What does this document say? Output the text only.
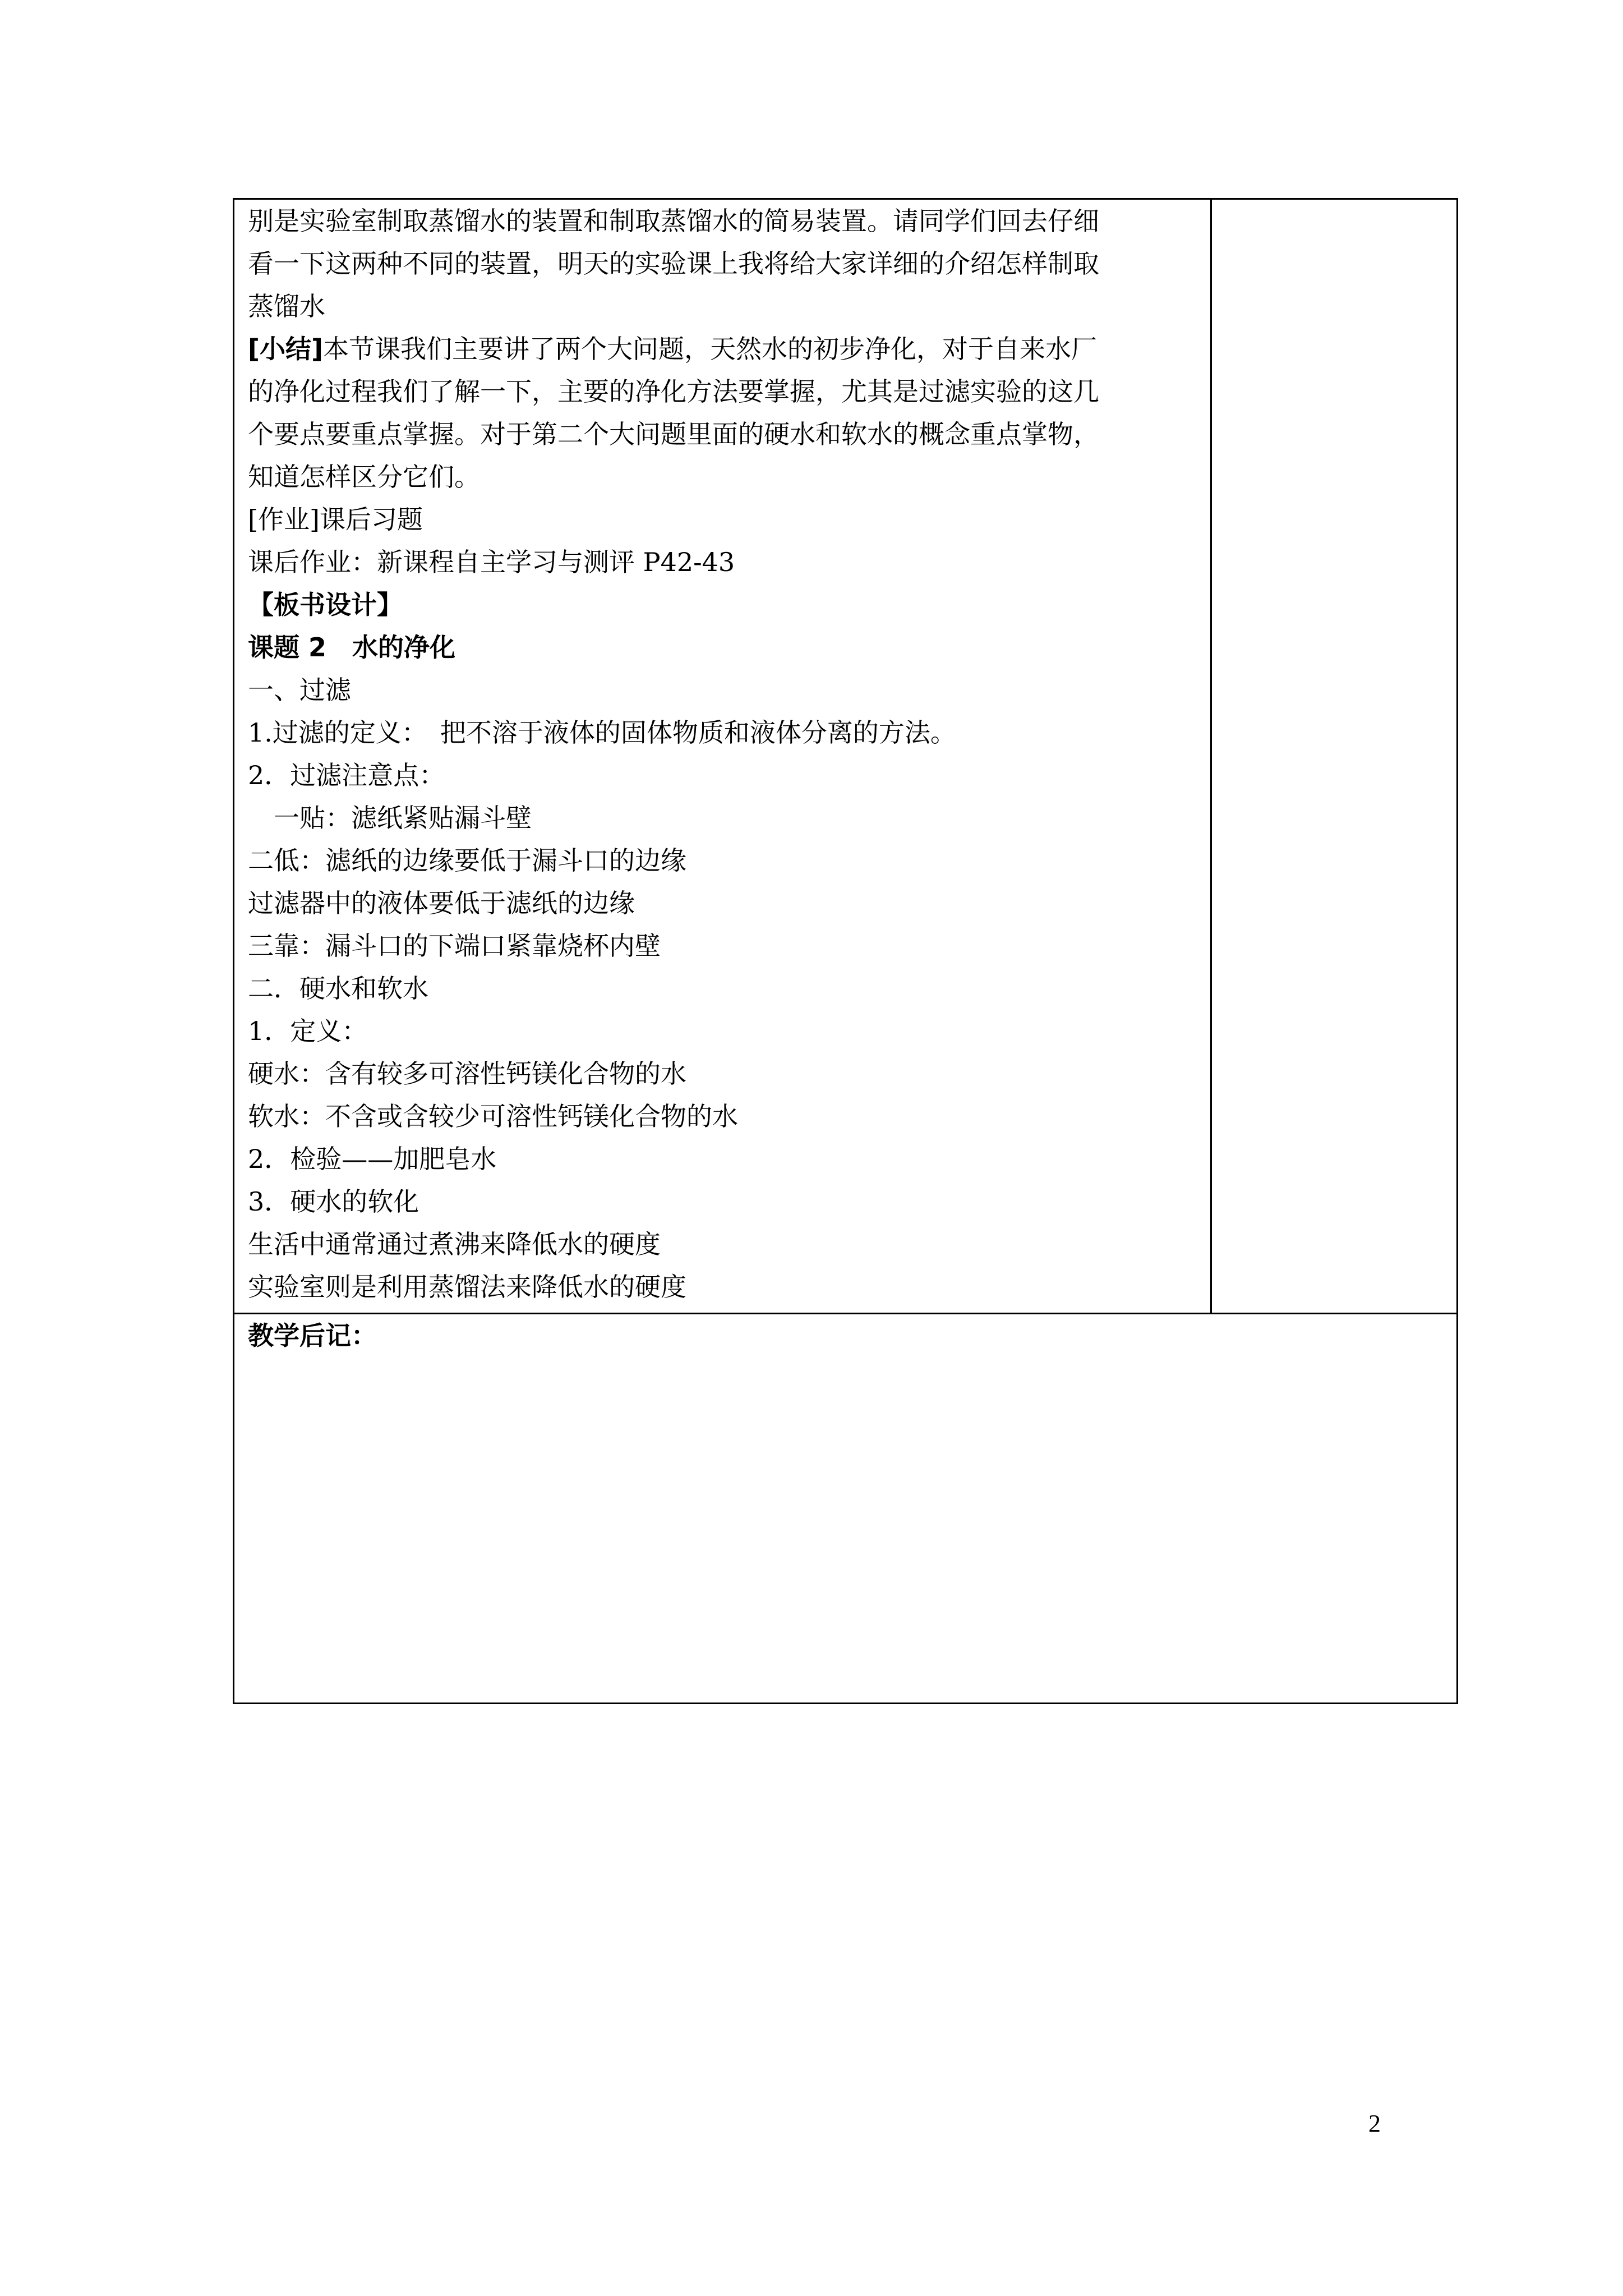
别是实验室制取蒸馏水的装置和制取蒸馏水的简易装置。请同学们回去仔细
看一下这两种不同的装置，明天的实验课上我将给大家详细的介绍怎样制取
蒸馏水
[小结]本节课我们主要讲了两个大问题，天然水的初步净化，对于自来水厂
的净化过程我们了解一下，主要的净化方法要掌握，尤其是过滤实验的这几
个要点要重点掌握。对于第二个大问题里面的硬水和软水的概念重点掌物，
知道怎样区分它们。
[作业]课后习题
课后作业：新课程自主学习与测评 P42-43
【板书设计】
课题 2　水的净化
一、过滤
1.过滤的定义：　把不溶于液体的固体物质和液体分离的方法。
2．过滤注意点：
一贴：滤纸紧贴漏斗壁
二低：滤纸的边缘要低于漏斗口的边缘
过滤器中的液体要低于滤纸的边缘
三靠：漏斗口的下端口紧靠烧杯内壁
二．硬水和软水
1．定义：
硬水：含有较多可溶性钙镁化合物的水
软水：不含或含较少可溶性钙镁化合物的水
2．检验——加肥皂水
3．硬水的软化
生活中通常通过煮沸来降低水的硬度
实验室则是利用蒸馏法来降低水的硬度
教学后记：
2
